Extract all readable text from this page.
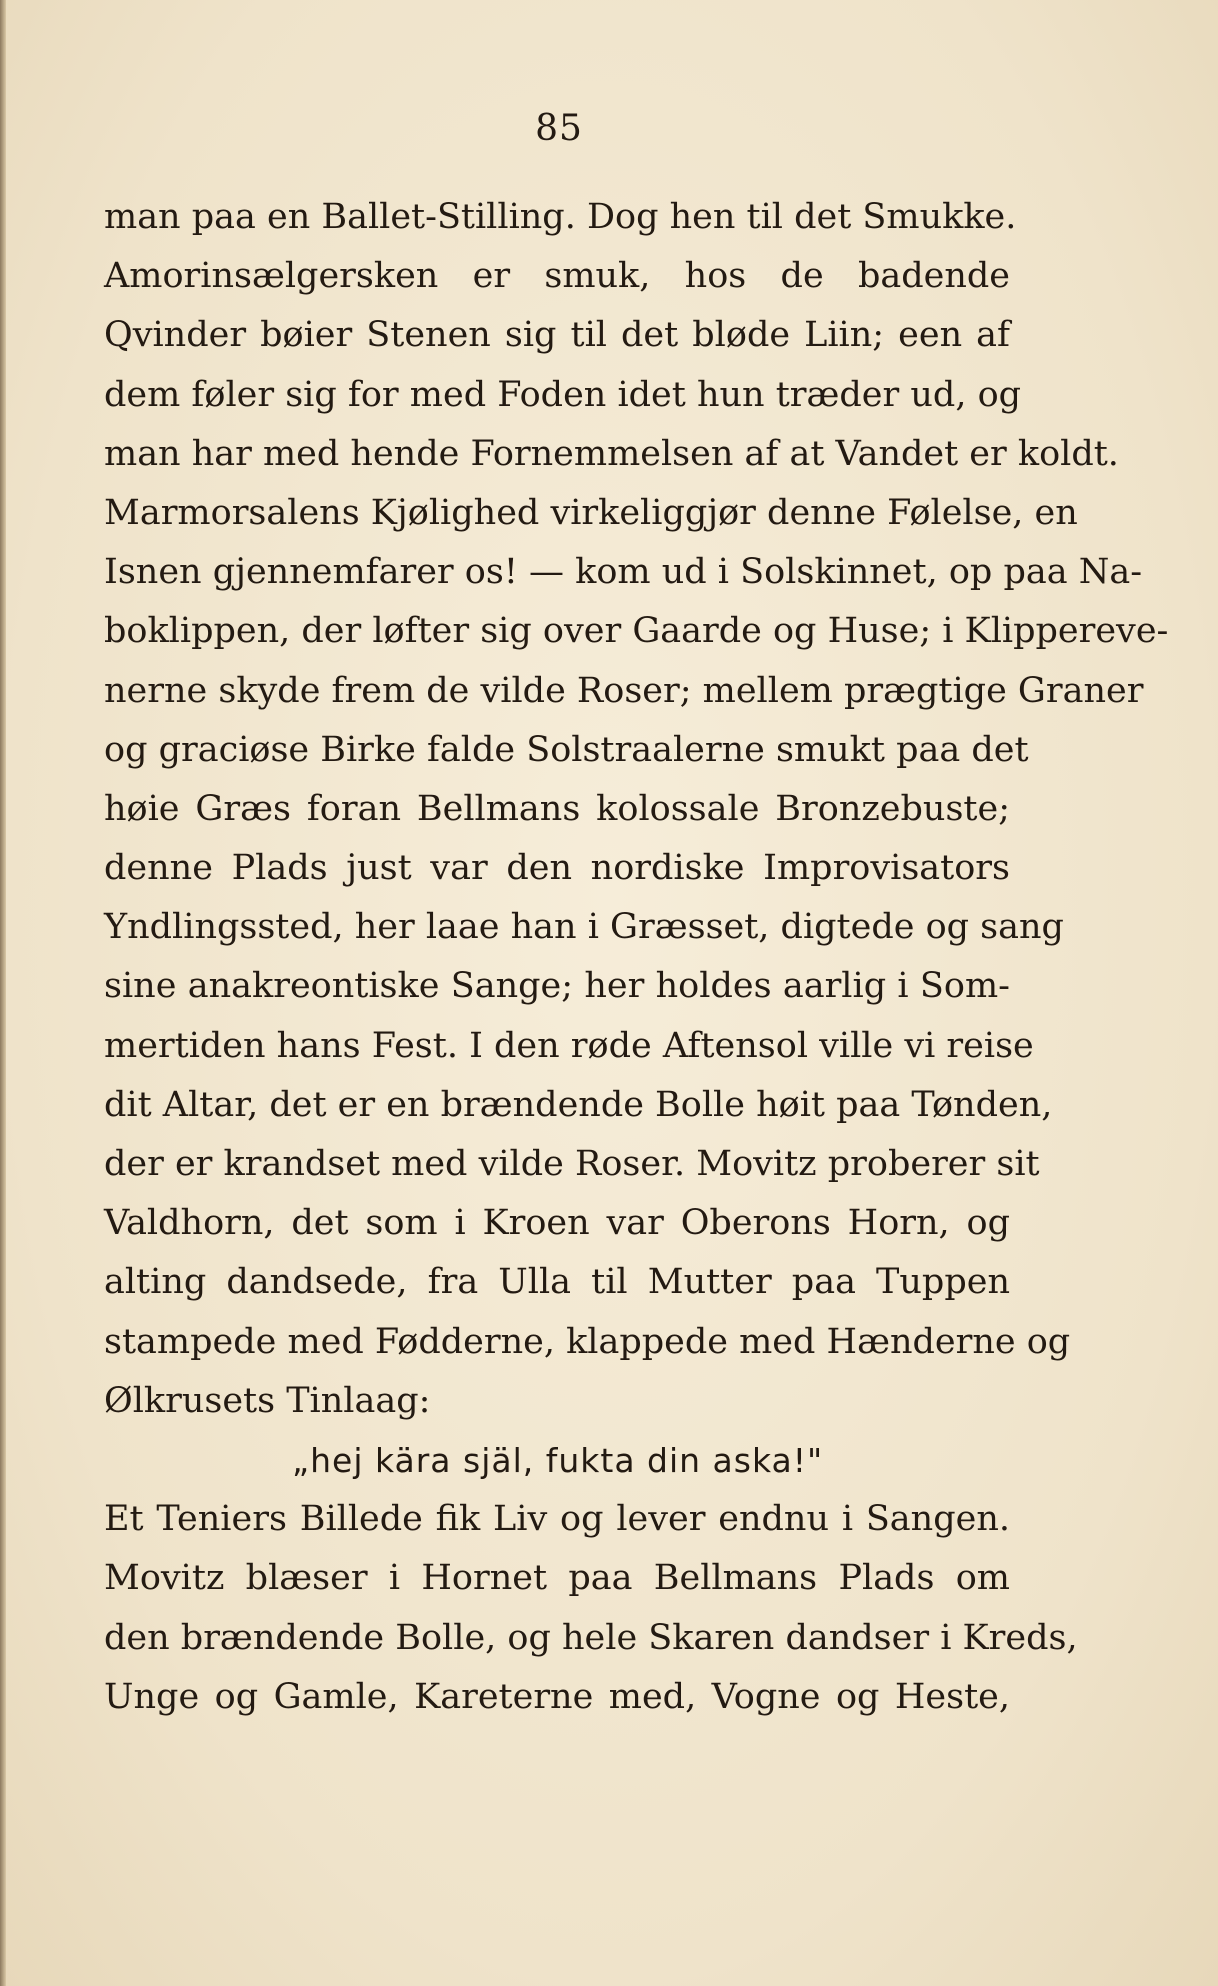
85
man paa en Ballet-Stilling. Dog hen til det Smukke.
Amorinsælgersken er smuk, hos de badende
Qvinder bøier Stenen sig til det bløde Liin; een af
dem føler sig for med Foden idet hun træder ud, og
man har med hende Fornemmelsen af at Vandet er koldt.
Marmorsalens Kjølighed virkeliggjør denne Følelse, en
Isnen gjennemfarer os! — kom ud i Solskinnet, op paa Na-
boklippen, der løfter sig over Gaarde og Huse; i Klippereve-
nerne skyde frem de vilde Roser; mellem prægtige Graner
og graciøse Birke falde Solstraalerne smukt paa det
høie Græs foran Bellmans kolossale Bronzebuste;
denne Plads just var den nordiske Improvisators
Yndlingssted, her laae han i Græsset, digtede og sang
sine anakreontiske Sange; her holdes aarlig i Som-
mertiden hans Fest. I den røde Aftensol ville vi reise
dit Altar, det er en brændende Bolle høit paa Tønden,
der er krandset med vilde Roser. Movitz proberer sit
Valdhorn, det som i Kroen var Oberons Horn, og
alting dandsede, fra Ulla til Mutter paa Tuppen
stampede med Fødderne, klappede med Hænderne og
Ølkrusets Tinlaag:
„hej kära själ, fukta din aska!"
Et Teniers Billede fik Liv og lever endnu i Sangen.
Movitz blæser i Hornet paa Bellmans Plads om
den brændende Bolle, og hele Skaren dandser i Kreds,
Unge og Gamle, Kareterne med, Vogne og Heste,
